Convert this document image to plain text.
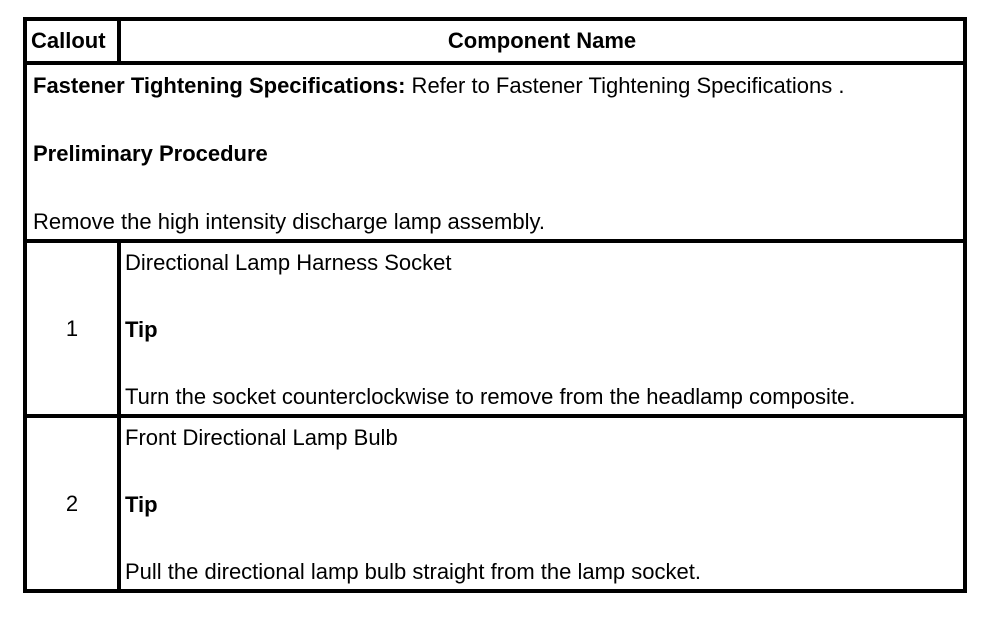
Callout	Component Name

Fastener Tightening Specifications: Refer to Fastener Tightening Specifications .
Preliminary Procedure
Remove the high intensity discharge lamp assembly.	

1	Directional Lamp Harness Socket
Tip
Turn the socket counterclockwise to remove from the headlamp composite.

2	Front Directional Lamp Bulb
Tip
Pull the directional lamp bulb straight from the lamp socket.
